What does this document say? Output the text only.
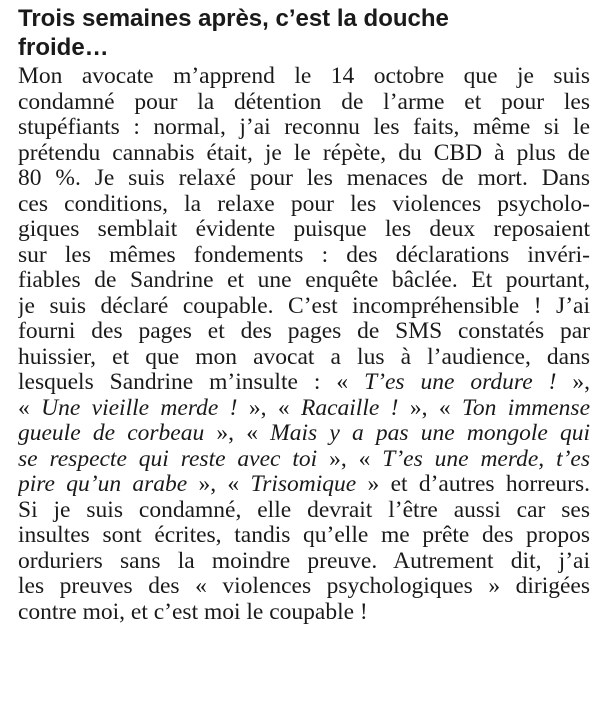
Trois semaines après, c’est la douche
froide…
Mon avocate m’apprend le 14 octobre que je suis
condamné pour la détention de l’arme et pour les
stupéfiants : normal, j’ai reconnu les faits, même si le
prétendu cannabis était, je le répète, du CBD à plus de
80 %. Je suis relaxé pour les menaces de mort. Dans
ces conditions, la relaxe pour les violences psycholo-
giques semblait évidente puisque les deux reposaient
sur les mêmes fondements : des déclarations invéri-
fiables de Sandrine et une enquête bâclée. Et pourtant,
je suis déclaré coupable. C’est incompréhensible ! J’ai
fourni des pages et des pages de SMS constatés par
huissier, et que mon avocat a lus à l’audience, dans
lesquels Sandrine m’insulte : « T’es une ordure ! »,
« Une vieille merde ! », « Racaille ! », « Ton immense
gueule de corbeau », « Mais y a pas une mongole qui
se respecte qui reste avec toi », « T’es une merde, t’es
pire qu’un arabe », « Trisomique » et d’autres horreurs.
Si je suis condamné, elle devrait l’être aussi car ses
insultes sont écrites, tandis qu’elle me prête des propos
orduriers sans la moindre preuve. Autrement dit, j’ai
les preuves des « violences psychologiques » dirigées
contre moi, et c’est moi le coupable !
